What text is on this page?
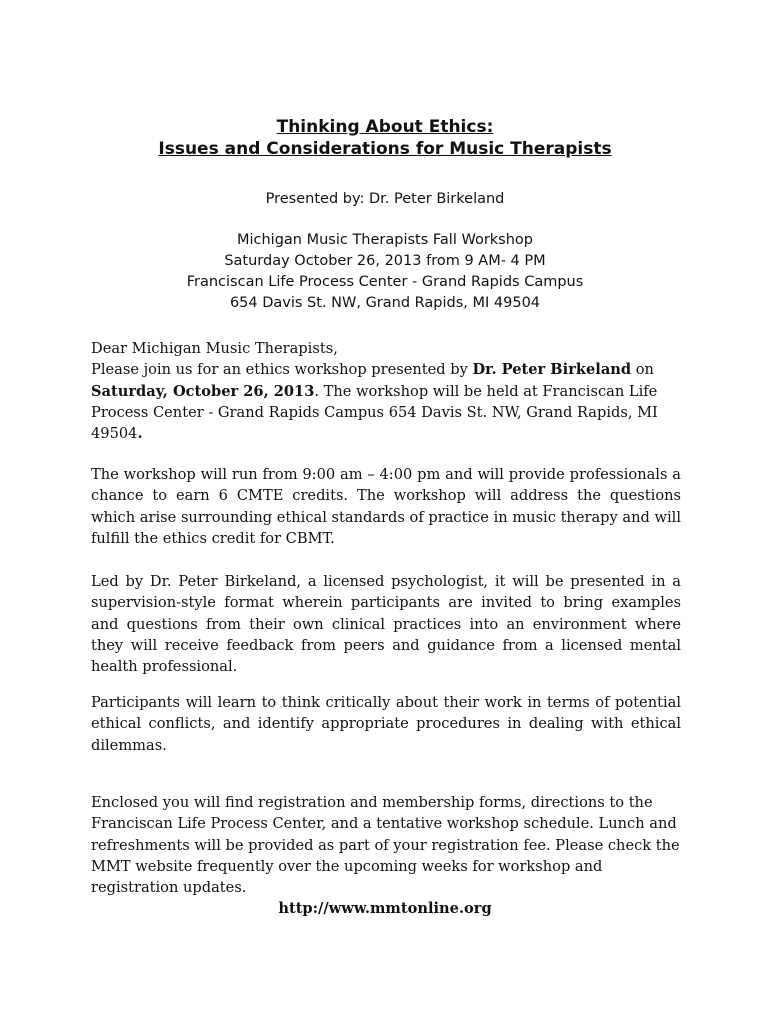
Thinking About Ethics:
Issues and Considerations for Music Therapists
Presented by: Dr. Peter Birkeland
Michigan Music Therapists Fall Workshop
Saturday October 26, 2013 from 9 AM- 4 PM
Franciscan Life Process Center - Grand Rapids Campus
654 Davis St. NW, Grand Rapids, MI 49504
Dear Michigan Music Therapists,
Please join us for an ethics workshop presented by Dr. Peter Birkeland on Saturday, October 26, 2013. The workshop will be held at Franciscan Life Process Center - Grand Rapids Campus 654 Davis St. NW, Grand Rapids, MI 49504.
The workshop will run from 9:00 am – 4:00 pm and will provide professionals a chance to earn 6 CMTE credits. The workshop will address the questions which arise surrounding ethical standards of practice in music therapy and will fulfill the ethics credit for CBMT.
Led by Dr. Peter Birkeland, a licensed psychologist, it will be presented in a supervision-style format wherein participants are invited to bring examples and questions from their own clinical practices into an environment where they will receive feedback from peers and guidance from a licensed mental health professional.
Participants will learn to think critically about their work in terms of potential ethical conflicts, and identify appropriate procedures in dealing with ethical dilemmas.
Enclosed you will find registration and membership forms, directions to the Franciscan Life Process Center, and a tentative workshop schedule. Lunch and refreshments will be provided as part of your registration fee. Please check the MMT website frequently over the upcoming weeks for workshop and registration updates.
http://www.mmtonline.org
